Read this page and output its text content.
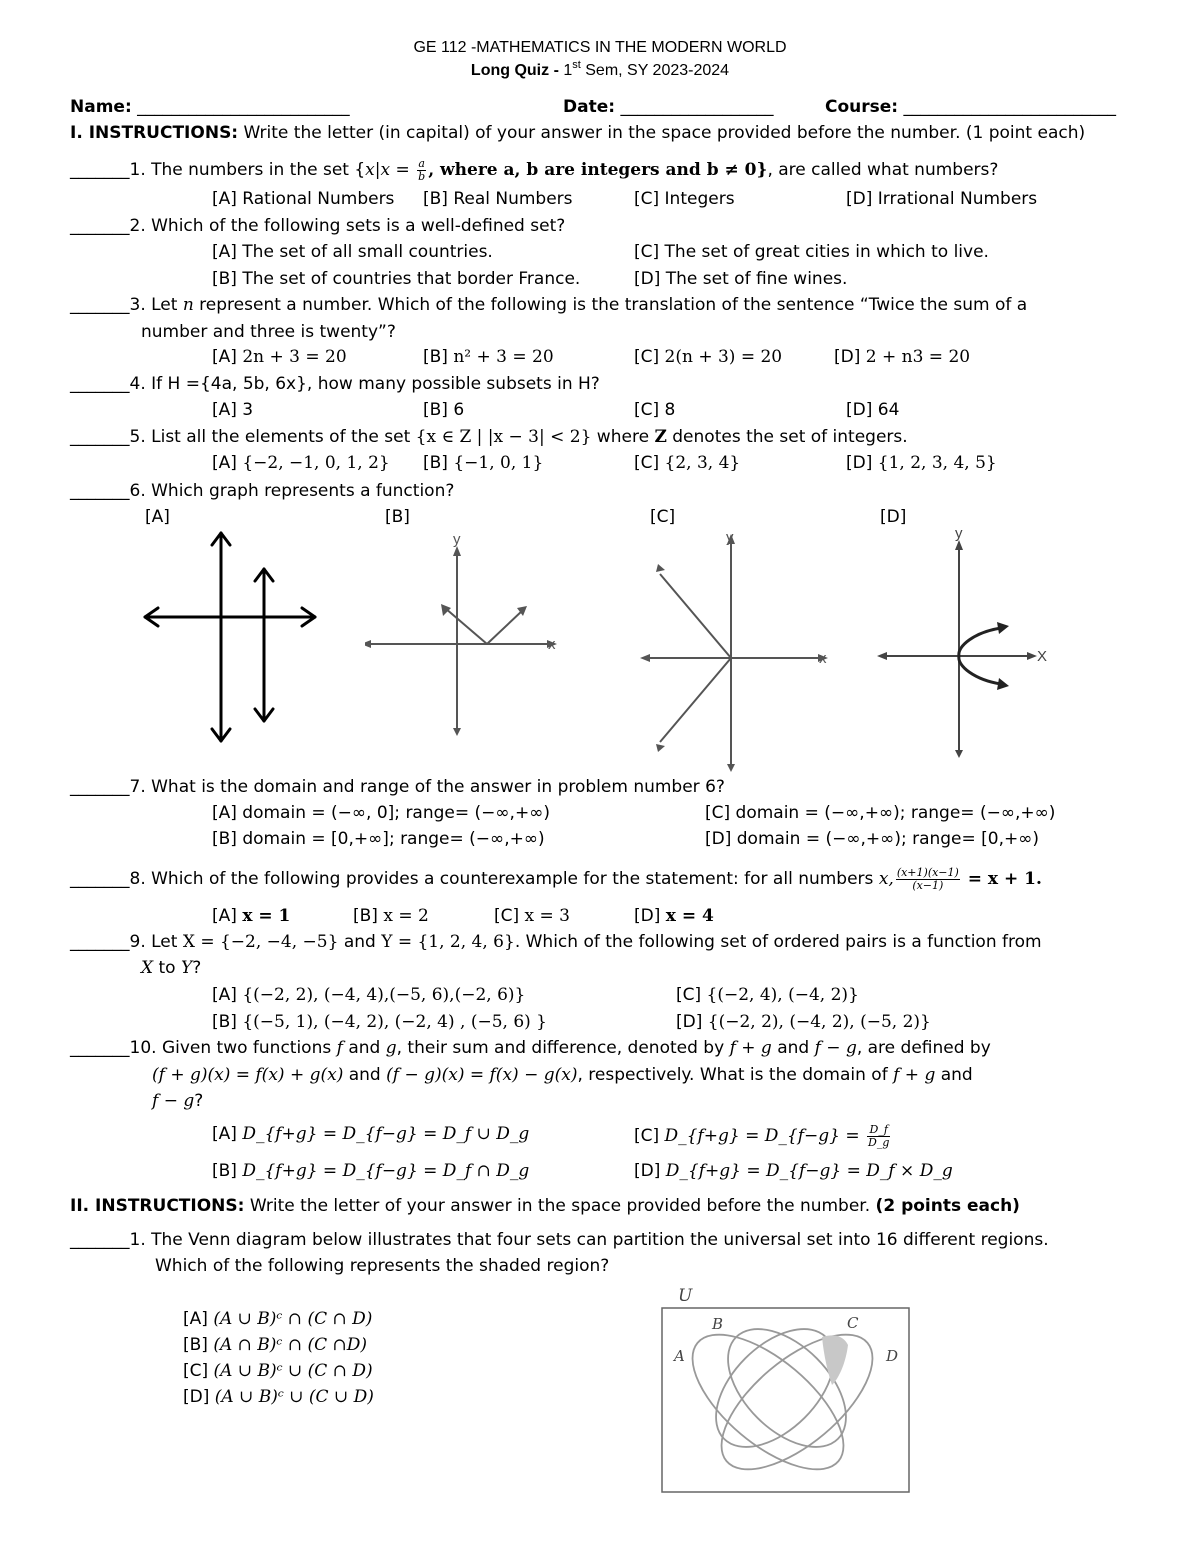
GE 112 -MATHEMATICS IN THE MODERN WORLD
Long Quiz - 1st Sem, SY 2023-2024
Name: _________________________	Date: __________________	Course: _________________________
I. INSTRUCTIONS: Write the letter (in capital) of your answer in the space provided before the number. (1 point each)
_______1. The numbers in the set {$x|x = \frac{a}{b}$ , where a, b are integers and b ≠ 0}, are called what numbers?
[A] Rational Numbers [B] Real Numbers	[C] Integers	[D] Irrational Numbers
_______2. Which of the following sets is a well-defined set?
[A] The set of all small countries.	[C] The set of great cities in which to live.
[B] The set of countries that border France.	[D] The set of fine wines.
_______3. Let n represent a number. Which of the following is the translation of the sentence “Twice the sum of a
number and three is twenty”?
[A] 2n + 3 = 20	[B] n² + 3 = 20	[C] 2(n + 3) = 20	[D] 2 + n3 = 20
_______4. If H ={4a, 5b, 6x}, how many possible subsets in H?
[A] 3	[B] 6	[C] 8	[D] 64
_______5. List all the elements of the set {x ∈ Z | |x − 3| < 2} where Z denotes the set of integers.
[A] {−2, −1, 0, 1, 2} [B] {−1, 0, 1}	[C] {2, 3, 4}	[D] {1, 2, 3, 4, 5}
_______6. Which graph represents a function?
[A]	[B]	[C]	[D]
y
x
y
x
y
X
_______7. What is the domain and range of the answer in problem number 6?
[A] domain = (−∞, 0]; range= (−∞,+∞)	[C] domain = (−∞,+∞); range= (−∞,+∞)
[B] domain = [0,+∞]; range= (−∞,+∞)	[D] domain = (−∞,+∞); range= [0,+∞)
_______8. Which of the following provides a counterexample for the statement: for all numbers x, $\frac{(x+1)(x-1)}{(x-1)} = x + 1$.
[A] x = 1	[B] x = 2	[C] x = 3	[D] x = 4
_______9. Let X = {−2, −4, −5} and Y = {1, 2, 4, 6}. Which of the following set of ordered pairs is a function from
X to Y?
[A] {(−2, 2), (−4, 4),(−5, 6),(−2, 6)}	[C] {(−2, 4), (−4, 2)}
[B] {(−5, 1), (−4, 2), (−2, 4) , (−5, 6) }	[D] {(−2, 2), (−4, 2), (−5, 2)}
_______10. Given two functions f and g, their sum and difference, denoted by f + g and f − g, are defined by
(f + g)(x) = f(x) + g(x) and (f − g)(x) = f(x) − g(x), respectively. What is the domain of f + g and
f − g?
[A] D_{f+g} = D_{f−g} = D_f ∪ D_g	[C] D_{f+g} = D_{f−g} = $\frac{D\_f}{D\_g}$
[B] D_{f+g} = D_{f−g} = D_f ∩ D_g	[D] D_{f+g} = D_{f−g} = D_f × D_g
II. INSTRUCTIONS: Write the letter of your answer in the space provided before the number. (2 points each)
_______1. The Venn diagram below illustrates that four sets can partition the universal set into 16 different regions.
Which of the following represents the shaded region?
[A] (A ∪ B)ᶜ ∩ (C ∩ D)
[B] (A ∩ B)ᶜ ∩ (C ∩D)
[C] (A ∪ B)ᶜ ∪ (C ∩ D)
[D] (A ∪ B)ᶜ ∪ (C ∪ D)
U
A
B	C
D
